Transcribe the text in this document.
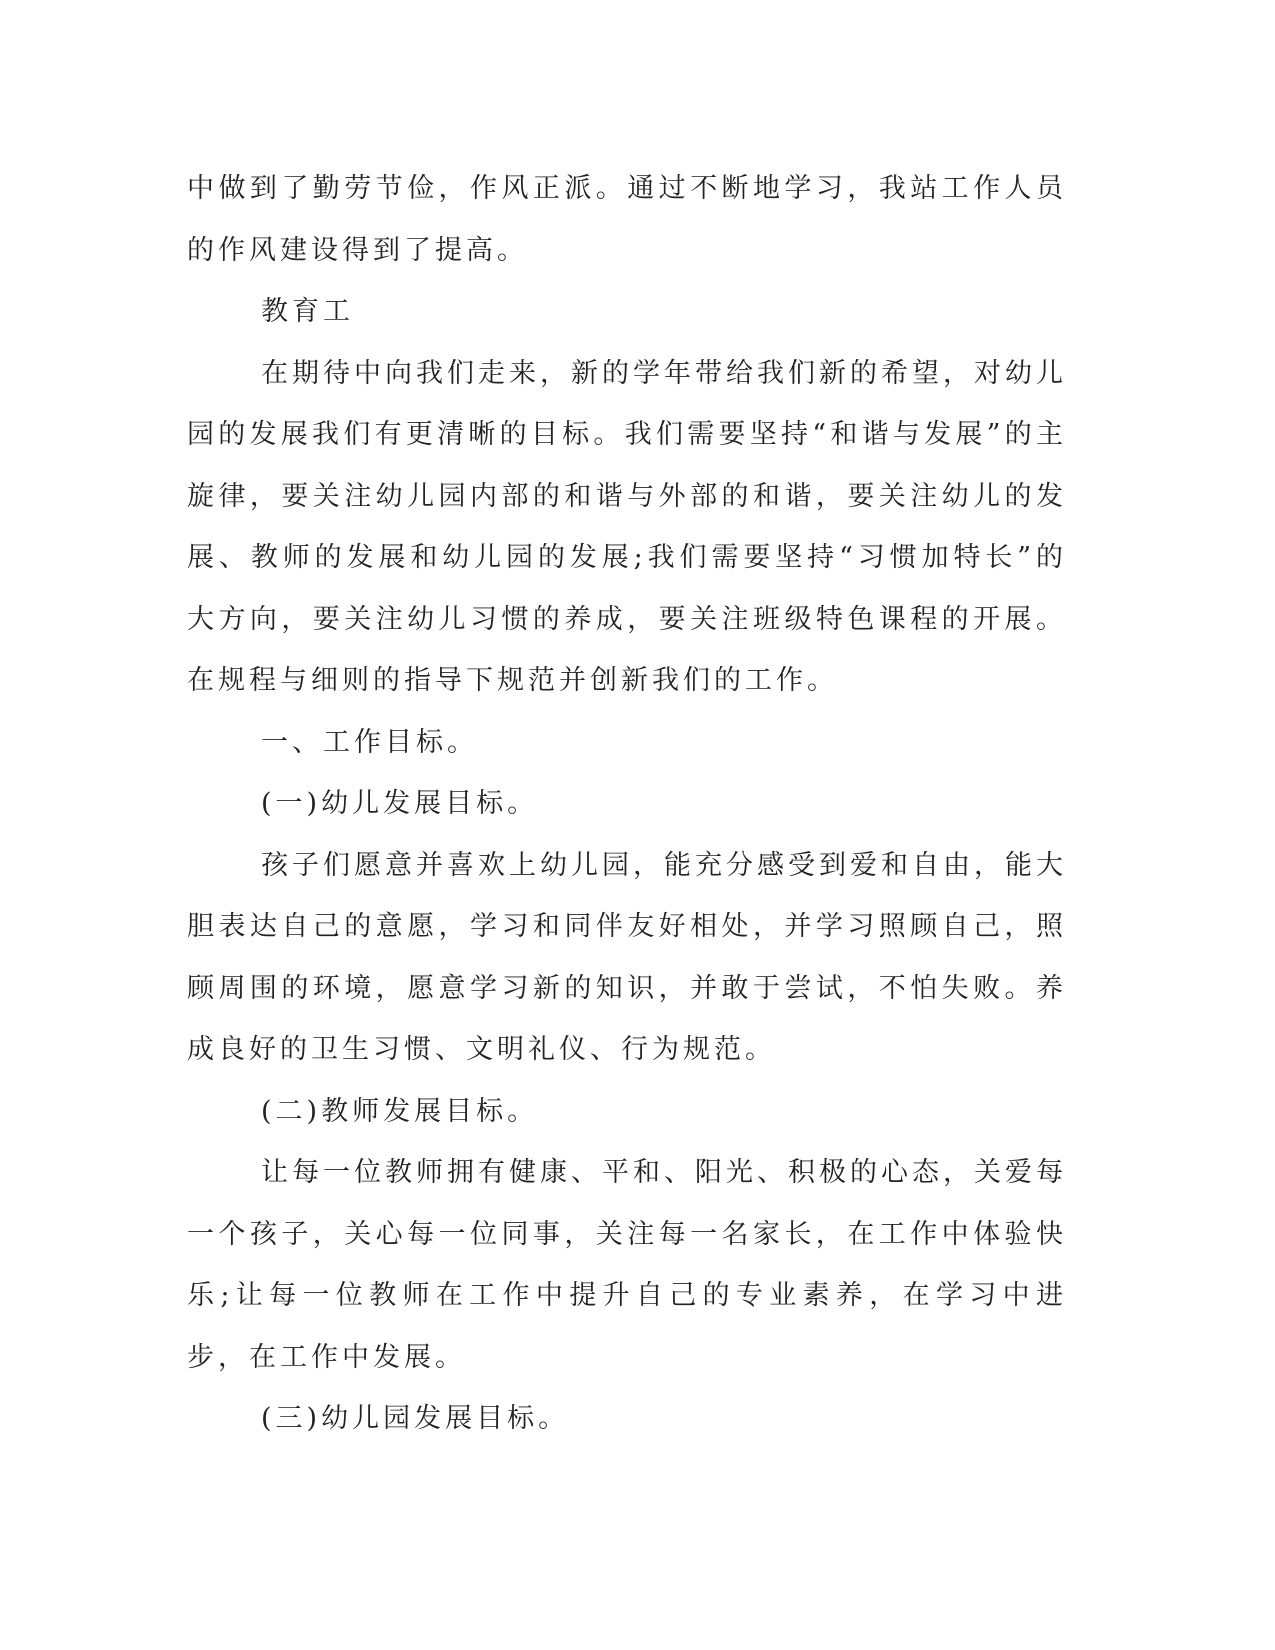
中做到了勤劳节俭，作风正派。通过不断地学习，我站工作人员的作风建设得到了提高。

教育工

在期待中向我们走来，新的学年带给我们新的希望，对幼儿园的发展我们有更清晰的目标。我们需要坚持“和谐与发展”的主旋律，要关注幼儿园内部的和谐与外部的和谐，要关注幼儿的发展、教师的发展和幼儿园的发展;我们需要坚持“习惯加特长”的大方向，要关注幼儿习惯的养成，要关注班级特色课程的开展。在规程与细则的指导下规范并创新我们的工作。

一、工作目标。

(一)幼儿发展目标。

孩子们愿意并喜欢上幼儿园，能充分感受到爱和自由，能大胆表达自己的意愿，学习和同伴友好相处，并学习照顾自己，照顾周围的环境，愿意学习新的知识，并敢于尝试，不怕失败。养成良好的卫生习惯、文明礼仪、行为规范。

(二)教师发展目标。

让每一位教师拥有健康、平和、阳光、积极的心态，关爱每一个孩子，关心每一位同事，关注每一名家长，在工作中体验快乐;让每一位教师在工作中提升自己的专业素养，在学习中进步，在工作中发展。

(三)幼儿园发展目标。
